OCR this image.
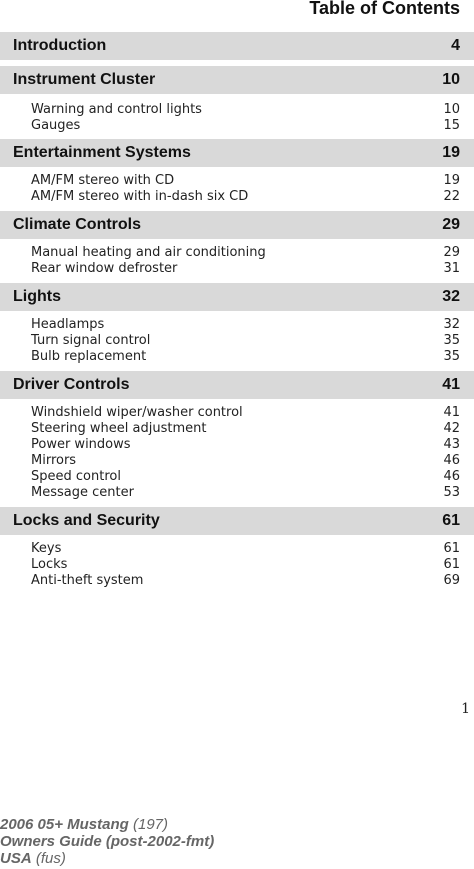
Table of Contents
Introduction	4
Instrument Cluster	10
Warning and control lights	10
Gauges	15
Entertainment Systems	19
AM/FM stereo with CD	19
AM/FM stereo with in-dash six CD	22
Climate Controls	29
Manual heating and air conditioning	29
Rear window defroster	31
Lights	32
Headlamps	32
Turn signal control	35
Bulb replacement	35
Driver Controls	41
Windshield wiper/washer control	41
Steering wheel adjustment	42
Power windows	43
Mirrors	46
Speed control	46
Message center	53
Locks and Security	61
Keys	61
Locks	61
Anti-theft system	69
1
2006 05+ Mustang (197)
Owners Guide (post-2002-fmt)
USA (fus)
